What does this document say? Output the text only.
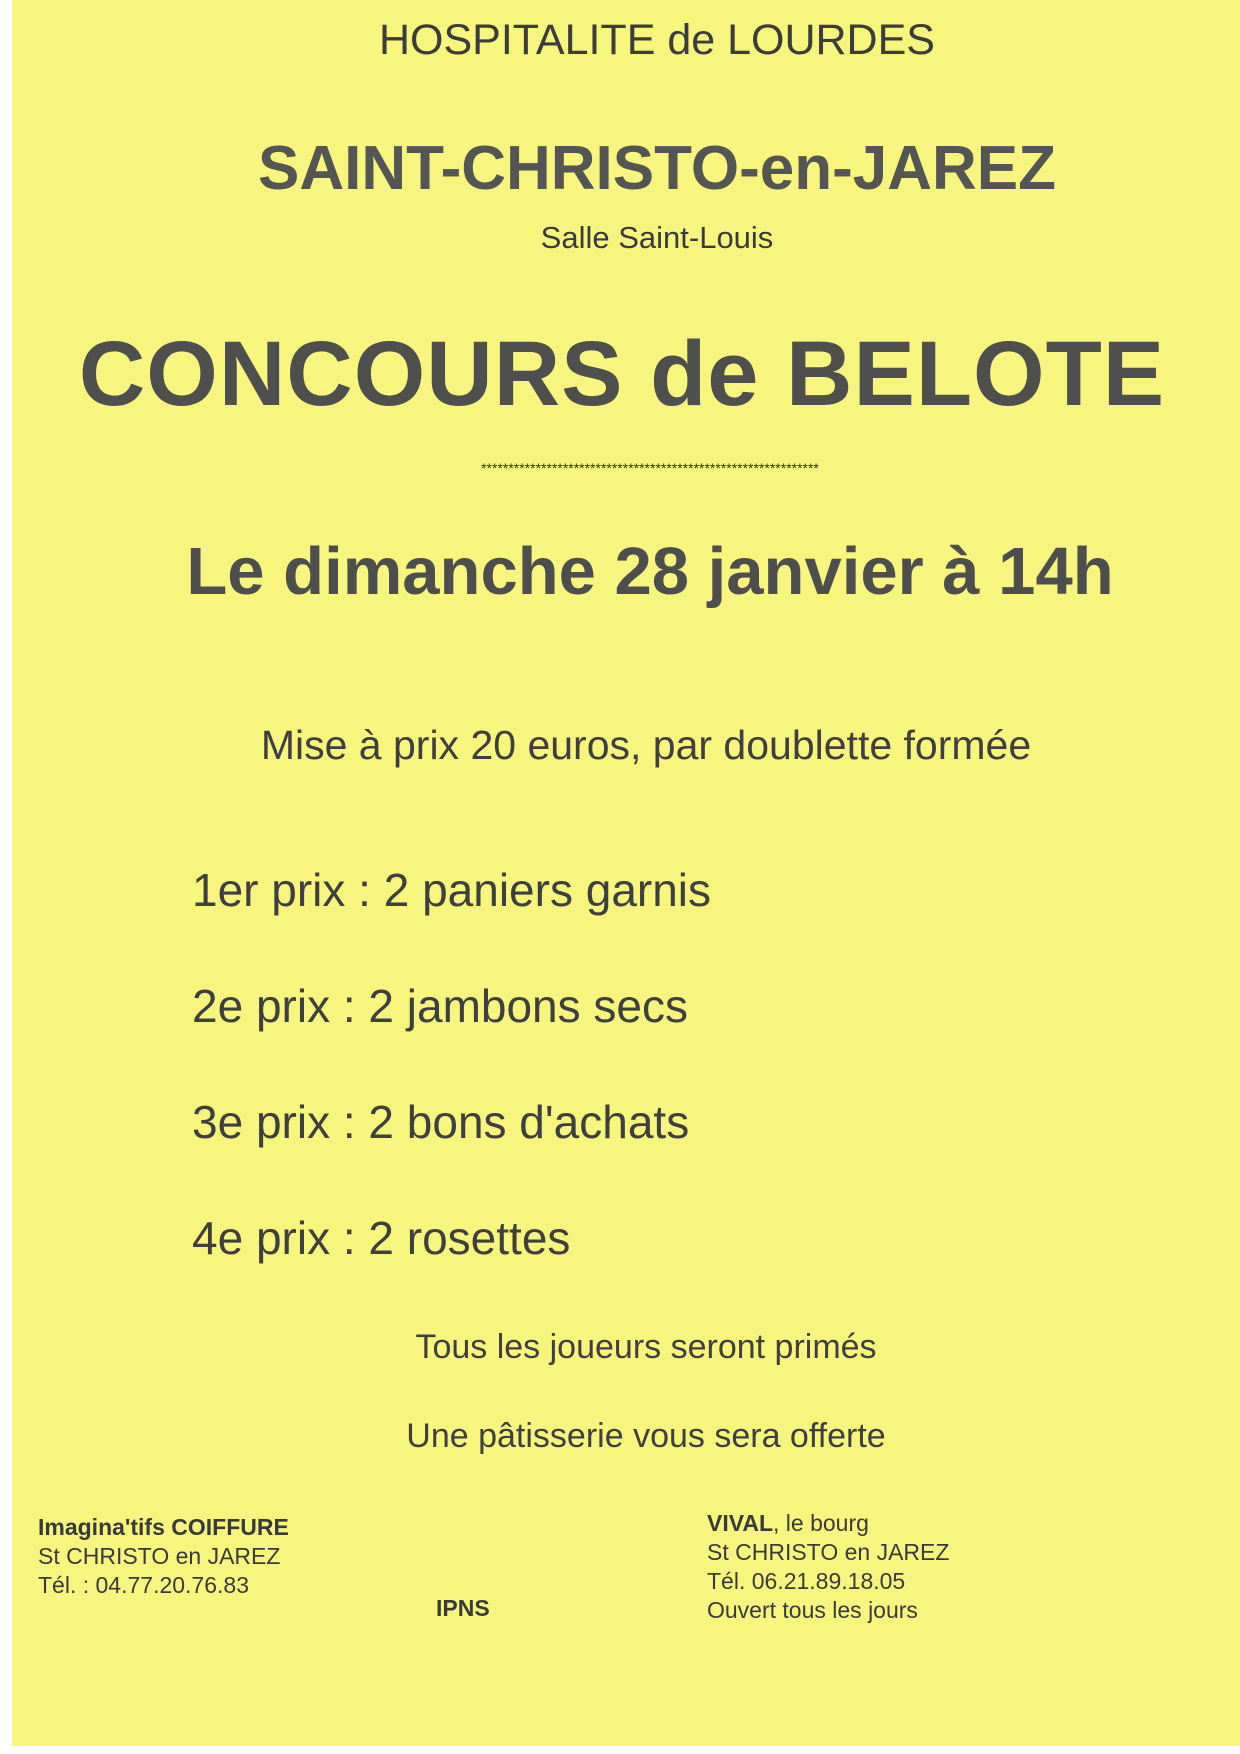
HOSPITALITE de LOURDES
SAINT-CHRISTO-en-JAREZ
Salle Saint-Louis
CONCOURS de BELOTE
**************************************************************
Le dimanche 28 janvier à 14h
Mise à prix 20 euros, par doublette formée
1er prix : 2 paniers garnis
2e prix : 2 jambons secs
3e prix : 2 bons d'achats
4e prix : 2 rosettes
Tous les joueurs seront primés
Une pâtisserie vous sera offerte
Imagina'tifs COIFFURE
St CHRISTO en JAREZ
Tél. : 04.77.20.76.83
IPNS
VIVAL, le bourg
St CHRISTO en JAREZ
Tél. 06.21.89.18.05
Ouvert tous les jours
